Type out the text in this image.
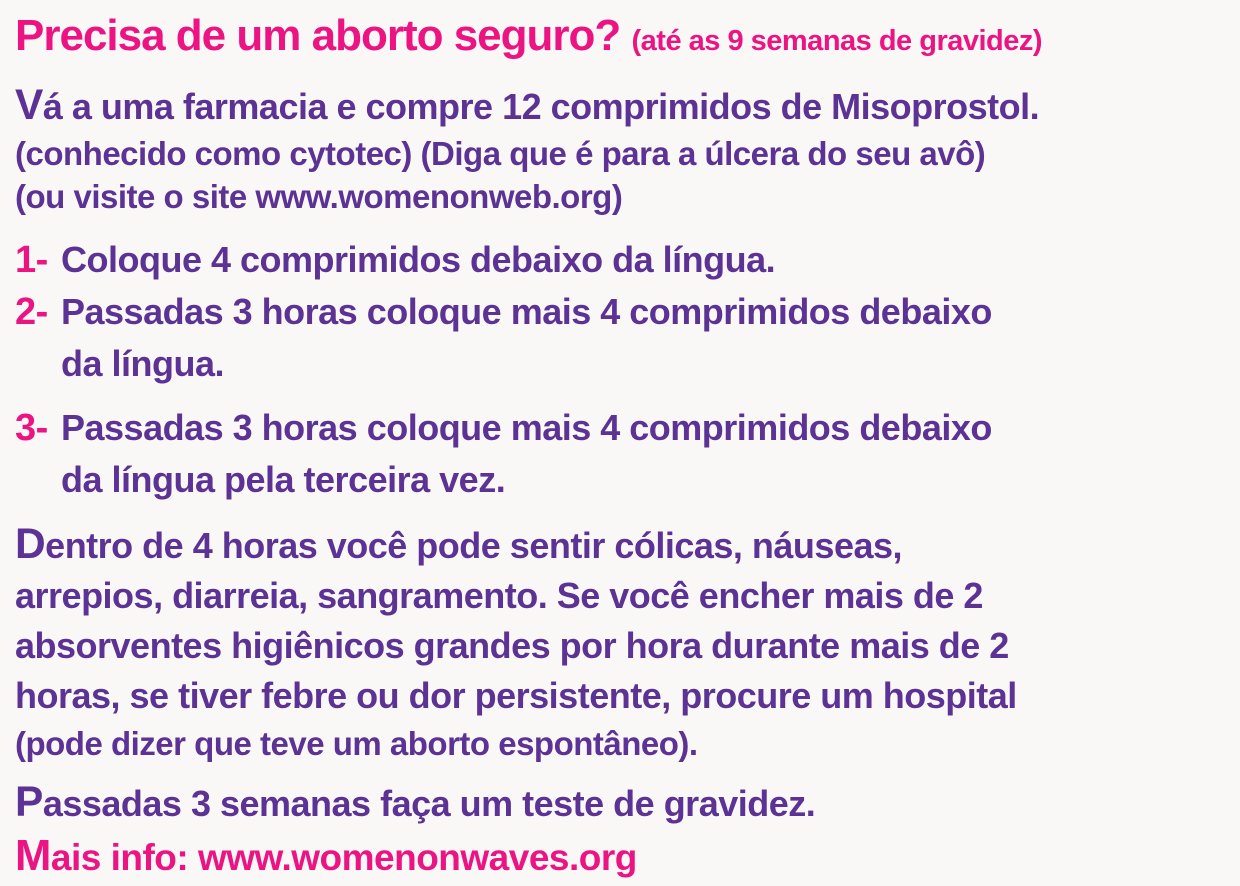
Precisa de um aborto seguro? (até as 9 semanas de gravidez)
Vá a uma farmacia e compre 12 comprimidos de Misoprostol.
(conhecido como cytotec) (Diga que é para a úlcera do seu avô)
(ou visite o site www.womenonweb.org)
1- Coloque 4 comprimidos debaixo da língua.
2- Passadas 3 horas coloque mais 4 comprimidos debaixo
da língua.
3- Passadas 3 horas coloque mais 4 comprimidos debaixo
da língua pela terceira vez.
Dentro de 4 horas você pode sentir cólicas, náuseas,
arrepios, diarreia, sangramento. Se você encher mais de 2
absorventes higiênicos grandes por hora durante mais de 2
horas, se tiver febre ou dor persistente, procure um hospital
(pode dizer que teve um aborto espontâneo).
Passadas 3 semanas faça um teste de gravidez.
Mais info: www.womenonwaves.org
